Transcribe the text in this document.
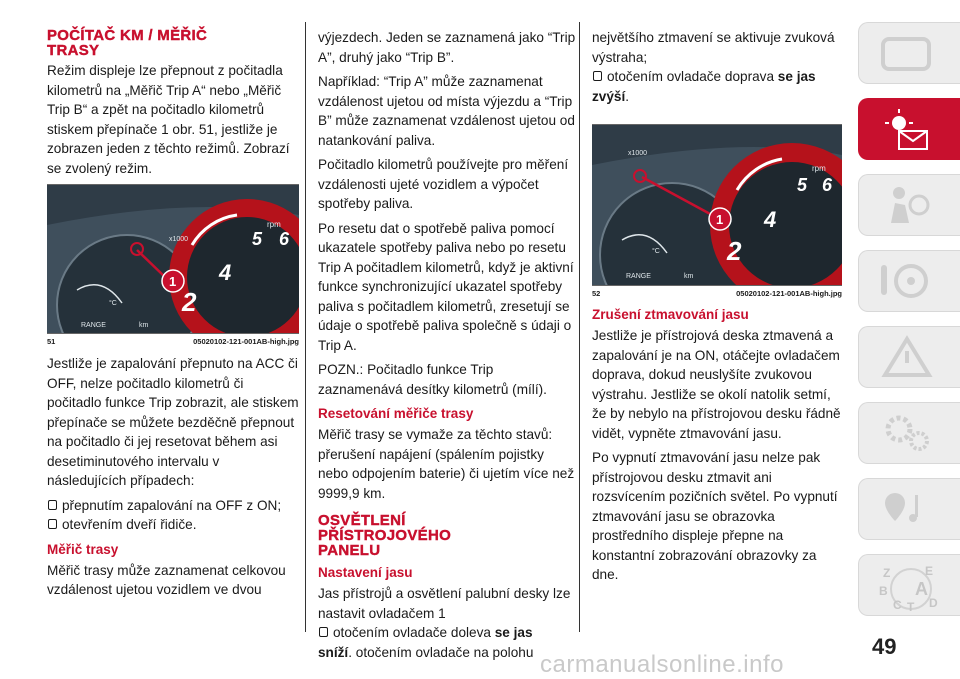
POČÍTAČ KM / MĚŘIČ
TRASY

Režim displeje lze přepnout z počitadla kilometrů na „Měřič Trip A“ nebo „Měřič Trip B“ a zpět na počitadlo kilometrů stiskem přepínače 1 obr. 51, jestliže je zobrazen jeden z těchto režimů. Zobrazí se zvolený režim.

x1000
2
4
5 6
rpm
°C
RANGE	km
1
51	05020102-121-001AB-high.jpg

Jestliže je zapalování přepnuto na ACC či OFF, nelze počitadlo kilometrů či počitadlo funkce Trip zobrazit, ale stiskem přepínače se můžete bezděčně přepnout na počitadlo či jej resetovat během asi desetiminutového intervalu v následujících případech:

přepnutím zapalování na OFF z ON;
otevřením dveří řidiče.
Měřič trasy

Měřič trasy může zaznamenat celkovou vzdálenost ujetou vozidlem ve dvou

výjezdech. Jeden se zaznamená jako “Trip A”, druhý jako “Trip B”.

Například: “Trip A” může zaznamenat vzdálenost ujetou od místa výjezdu a “Trip B” může zaznamenat vzdálenost ujetou od natankování paliva.

Počitadlo kilometrů používejte pro měření vzdálenosti ujeté vozidlem a výpočet spotřeby paliva.

Po resetu dat o spotřebě paliva pomocí ukazatele spotřeby paliva nebo po resetu Trip A počitadlem kilometrů, když je aktivní funkce synchronizující ukazatel spotřeby paliva s počitadlem kilometrů, zresetují se údaje o spotřebě paliva společně s údaji o Trip A.

POZN.: Počitadlo funkce Trip zaznamenává desítky kilometrů (mílí).

Resetování měřiče trasy

Měřič trasy se vymaže za těchto stavů: přerušení napájení (spálením pojistky nebo odpojením baterie) či ujetím více než 9999,9 km.

OSVĚTLENÍ
PŘÍSTROJOVÉHO
PANELU
Nastavení jasu

Jas přístrojů a osvětlení palubní desky lze nastavit ovladačem 1

otočením ovladače doleva se jas
sníží. otočením ovladače na polohu

největšího ztmavení se aktivuje zvuková výstraha;

otočením ovladače doprava se jas
zvýší.
x1000
2
4
5 6
rpm
°C
RANGE	km
1
52	05020102-121-001AB-high.jpg
Zrušení ztmavování jasu

Jestliže je přístrojová deska ztmavená a zapalování je na ON, otáčejte ovladačem doprava, dokud neuslyšíte zvukovou výstrahu. Jestliže se okolí natolik setmí, že by nebylo na přístrojovou desku řádně vidět, vypněte ztmavování jasu.

Po vypnutí ztmavování jasu nelze pak přístrojovou desku ztmavit ani rozsvícením pozičních světel. Po vypnutí ztmavování jasu se obrazovka prostředního displeje přepne na konstantní zobrazování obrazovky za dne.	Z	E
B A
C T D
49
carmanualsonline.info
